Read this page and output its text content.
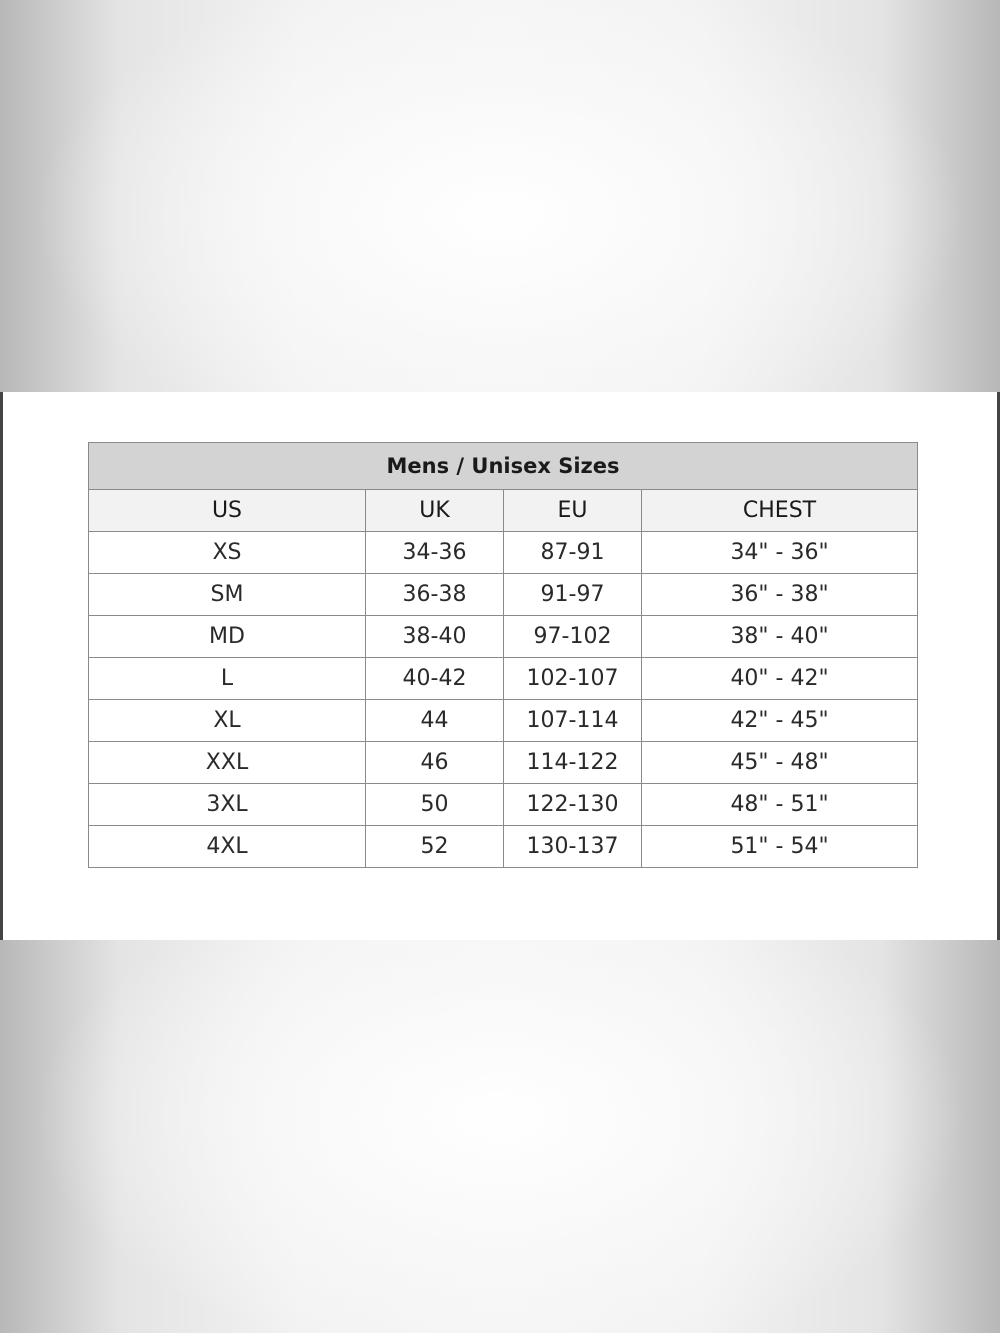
Mens / Unisex Sizes			
US	UK	EU	CHEST
XS	34-36	87-91	34" - 36"
SM	36-38	91-97	36" - 38"
MD	38-40	97-102	38" - 40"
L	40-42	102-107	40" - 42"
XL	44	107-114	42" - 45"
XXL	46	114-122	45" - 48"
3XL	50	122-130	48" - 51"
4XL	52	130-137	51" - 54"
